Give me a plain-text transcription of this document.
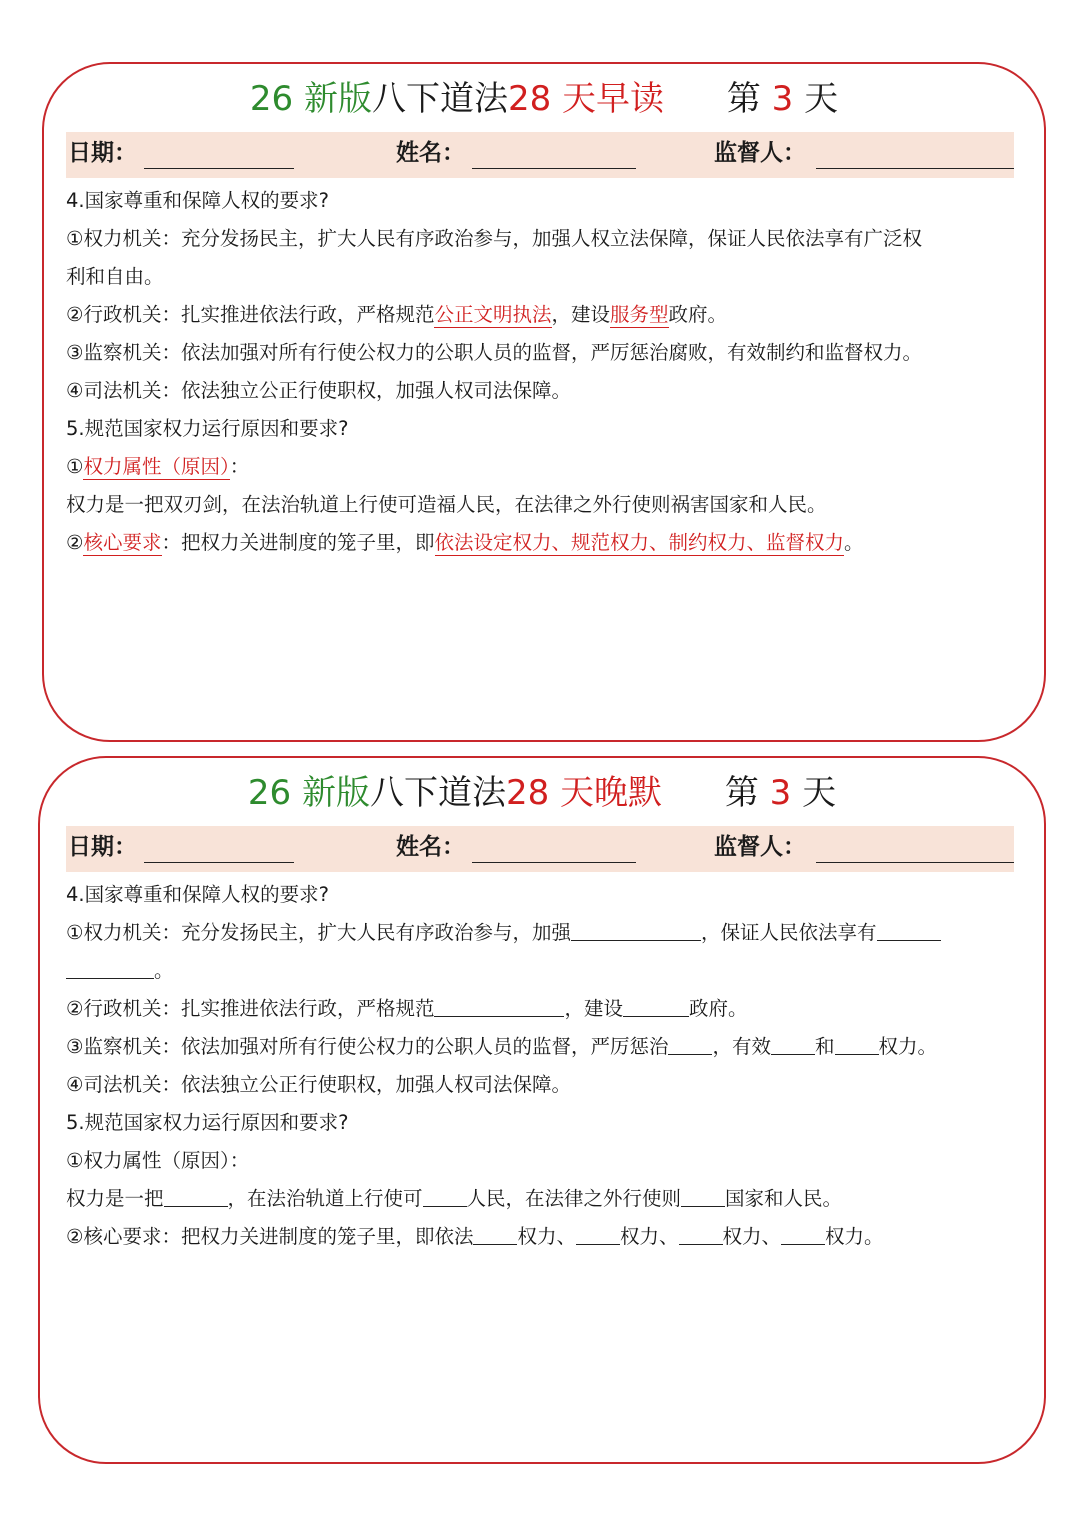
26 新版八下道法28 天早读 第 3 天
日期：	姓名：	监督人：

4.国家尊重和保障人权的要求?

①权力机关：充分发扬民主，扩大人民有序政治参与，加强人权立法保障，保证人民依法享有广泛权

利和自由。

②行政机关：扎实推进依法行政，严格规范公正文明执法，建设服务型政府。

③监察机关：依法加强对所有行使公权力的公职人员的监督，严厉惩治腐败，有效制约和监督权力。

④司法机关：依法独立公正行使职权，加强人权司法保障。

5.规范国家权力运行原因和要求?

①权力属性（原因）：

权力是一把双刃剑，在法治轨道上行使可造福人民，在法律之外行使则祸害国家和人民。

②核心要求：把权力关进制度的笼子里，即依法设定权力、规范权力、制约权力、监督权力。

26 新版八下道法28 天晚默 第 3 天
日期：	姓名：	监督人：

4.国家尊重和保障人权的要求?

①权力机关：充分发扬民主，扩大人民有序政治参与，加强	，保证人民依法享有

。

②行政机关：扎实推进依法行政，严格规范	，建设	政府。

③监察机关：依法加强对所有行使公权力的公职人员的监督，严厉惩治 ，有效 和 权力。

④司法机关：依法独立公正行使职权，加强人权司法保障。

5.规范国家权力运行原因和要求?

①权力属性（原因）：

权力是一把	，在法治轨道上行使可 人民，在法律之外行使则 国家和人民。

②核心要求：把权力关进制度的笼子里，即依法 权力、 权力、 权力、 权力。
